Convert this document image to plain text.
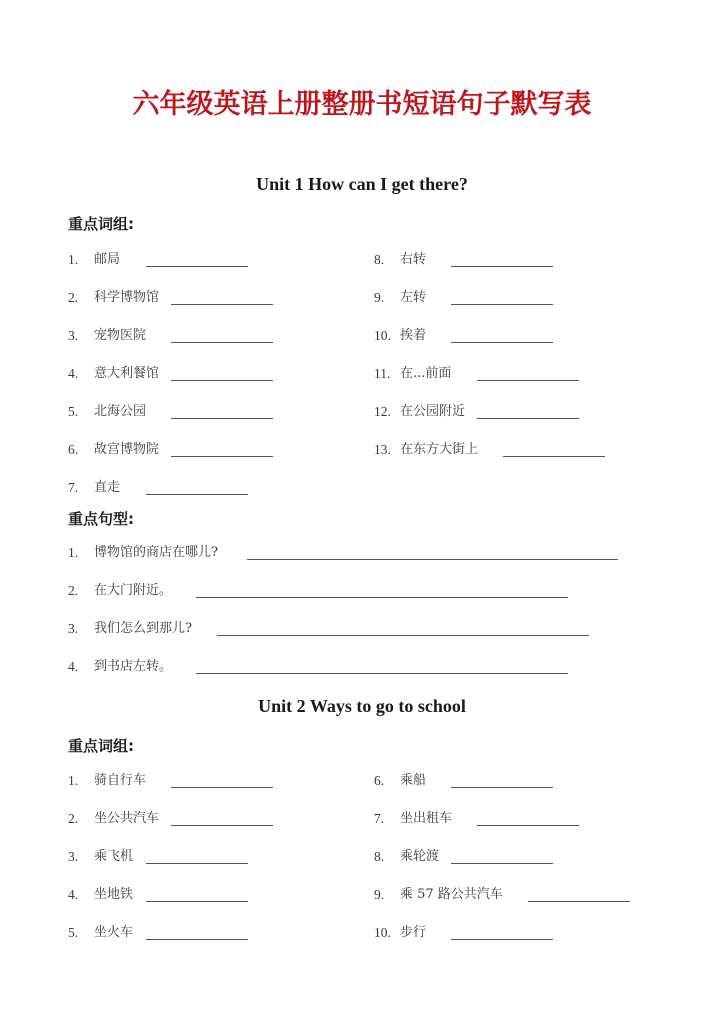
六年级英语上册整册书短语句子默写表
Unit 1 How can I get there?
重点词组:
1. 邮局
2. 科学博物馆
3. 宠物医院
4. 意大利餐馆
5. 北海公园
6. 故宫博物院
7. 直走
8. 右转
9. 左转
10. 挨着
11. 在...前面
12. 在公园附近
13. 在东方大街上
重点句型:
1. 博物馆的商店在哪儿?
2. 在大门附近。
3. 我们怎么到那儿?
4. 到书店左转。
Unit 2 Ways to go to school
重点词组:
1. 骑自行车
2. 坐公共汽车
3. 乘飞机
4. 坐地铁
5. 坐火车
6. 乘船
7. 坐出租车
8. 乘轮渡
9. 乘 57 路公共汽车
10. 步行
